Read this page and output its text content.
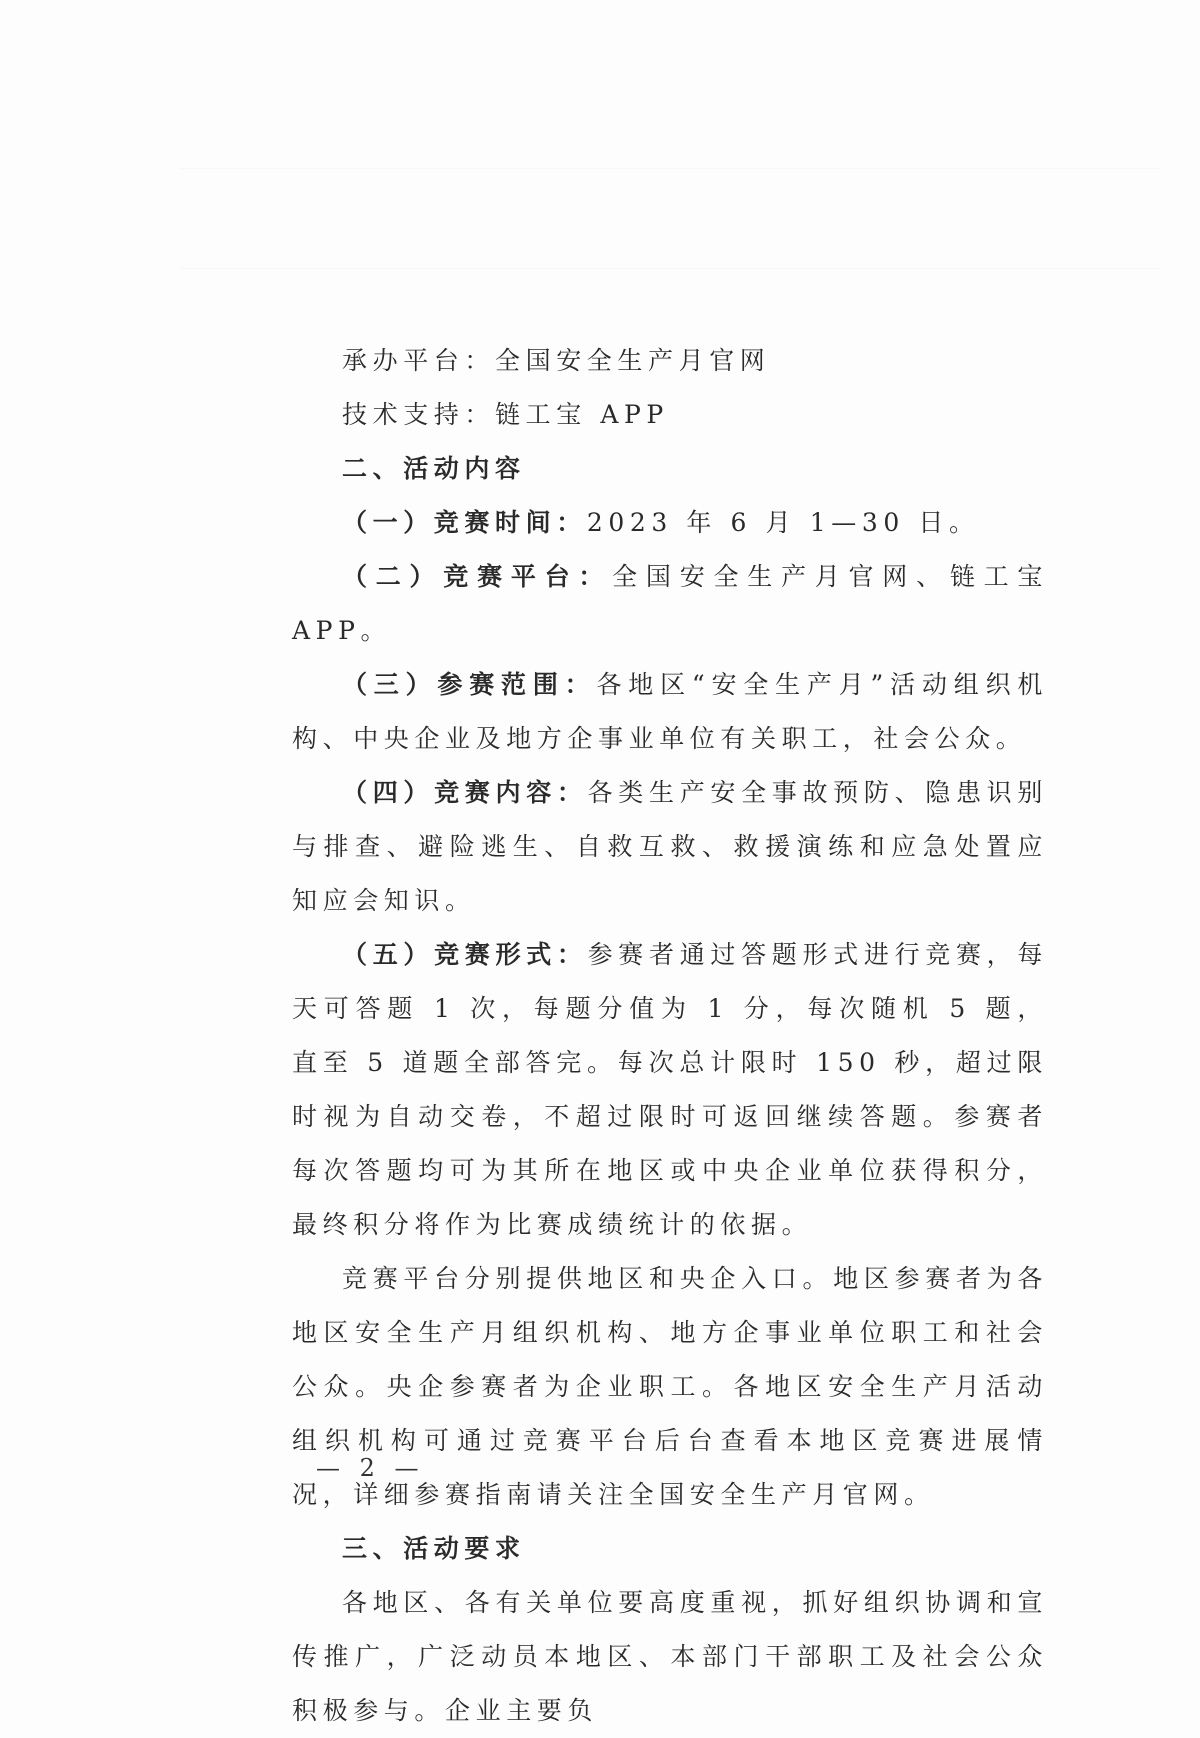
承办平台：全国安全生产月官网
技术支持：链工宝 APP
二、活动内容
（一）竞赛时间：2023 年 6 月 1—30 日。
（二）竞赛平台：全国安全生产月官网、链工宝 APP。
（三）参赛范围：各地区“安全生产月”活动组织机构、中央企业及地方企事业单位有关职工，社会公众。
（四）竞赛内容：各类生产安全事故预防、隐患识别与排查、避险逃生、自救互救、救援演练和应急处置应知应会知识。
（五）竞赛形式：参赛者通过答题形式进行竞赛，每天可答题 1 次，每题分值为 1 分，每次随机 5 题，直至 5 道题全部答完。每次总计限时 150 秒，超过限时视为自动交卷，不超过限时可返回继续答题。参赛者每次答题均可为其所在地区或中央企业单位获得积分，最终积分将作为比赛成绩统计的依据。
竞赛平台分别提供地区和央企入口。地区参赛者为各地区安全生产月组织机构、地方企事业单位职工和社会公众。央企参赛者为企业职工。各地区安全生产月活动组织机构可通过竞赛平台后台查看本地区竞赛进展情况，详细参赛指南请关注全国安全生产月官网。
三、活动要求
各地区、各有关单位要高度重视，抓好组织协调和宣传推广，广泛动员本地区、本部门干部职工及社会公众积极参与。企业主要负
— 2 —
